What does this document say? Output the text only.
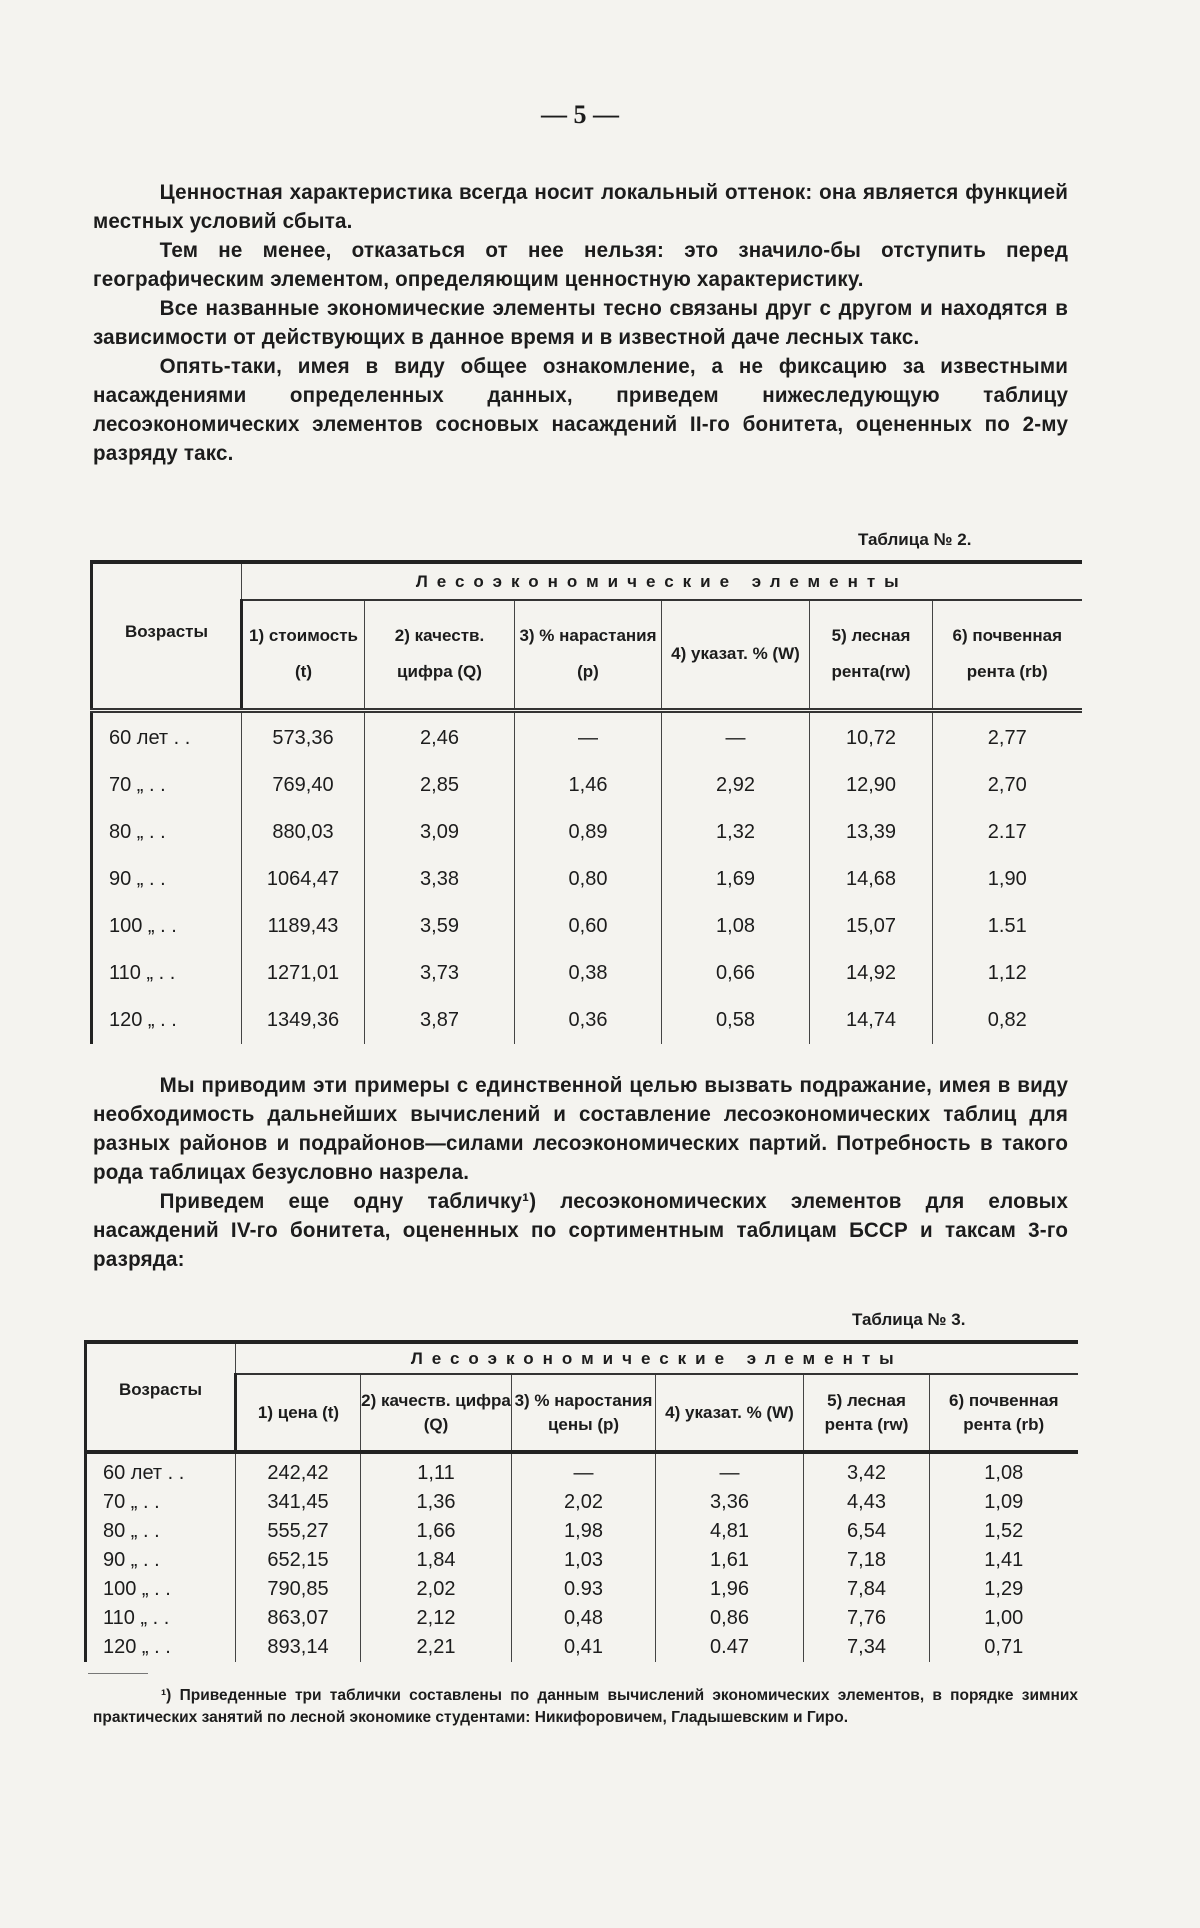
— 5 —

Ценностная характеристика всегда носит локальный оттенок: она является функцией местных условий сбыта.

Тем не менее, отказаться от нее нельзя: это значило-бы отступить перед географическим элементом, определяющим ценностную характеристику.

Все названные экономические элементы тесно связаны друг с другом и находятся в зависимости от действующих в данное время и в известной даче лесных такс.

Опять-таки, имея в виду общее ознакомление, а не фиксацию за известными насаждениями определенных данных, приведем нижеследующую таблицу лесоэкономических элементов сосновых насаждений II-го бонитета, оцененных по 2-му разряду такс.

Таблица № 2.
Возрасты	Лесоэкономические элементы
1) стоимость (t)	2) качеств. цифра (Q)	3) % нарастания (p)	4) указат. % (W)	5) лесная рента(rw)	6) почвенная рента (rb)
60 лет . .	573,36	2,46	—	—	10,72	2,77
70 „ . .	769,40	2,85	1,46	2,92	12,90	2,70
80 „ . .	880,03	3,09	0,89	1,32	13,39	2.17
90 „ . .	1064,47	3,38	0,80	1,69	14,68	1,90
100 „ . .	1189,43	3,59	0,60	1,08	15,07	1.51
110 „ . .	1271,01	3,73	0,38	0,66	14,92	1,12
120 „ . .	1349,36	3,87	0,36	0,58	14,74	0,82

Мы приводим эти примеры с единственной целью вызвать подражание, имея в виду необходимость дальнейших вычислений и составление лесоэкономических таблиц для разных районов и подрайонов—силами лесоэкономических партий. Потребность в такого рода таблицах безусловно назрела.

Приведем еще одну табличку¹) лесоэкономических элементов для еловых насаждений IV-го бонитета, оцененных по сортиментным таблицам БССР и таксам 3-го разряда:

Таблица № 3.
Возрасты	Лесоэкономические элементы
1) цена (t)	2) качеств. цифра (Q)	3) % наростания цены (p)	4) указат. % (W)	5) лесная рента (rw)	6) почвенная рента (rb)
60 лет . .	242,42	1,11	—	—	3,42	1,08
70 „ . .	341,45	1,36	2,02	3,36	4,43	1,09
80 „ . .	555,27	1,66	1,98	4,81	6,54	1,52
90 „ . .	652,15	1,84	1,03	1,61	7,18	1,41
100 „ . .	790,85	2,02	0.93	1,96	7,84	1,29
110 „ . .	863,07	2,12	0,48	0,86	7,76	1,00
120 „ . .	893,14	2,21	0,41	0.47	7,34	0,71

¹) Приведенные три таблички составлены по данным вычислений экономических элементов, в порядке зимних практических занятий по лесной экономике студентами: Никифоровичем, Гладышевским и Гиро.
